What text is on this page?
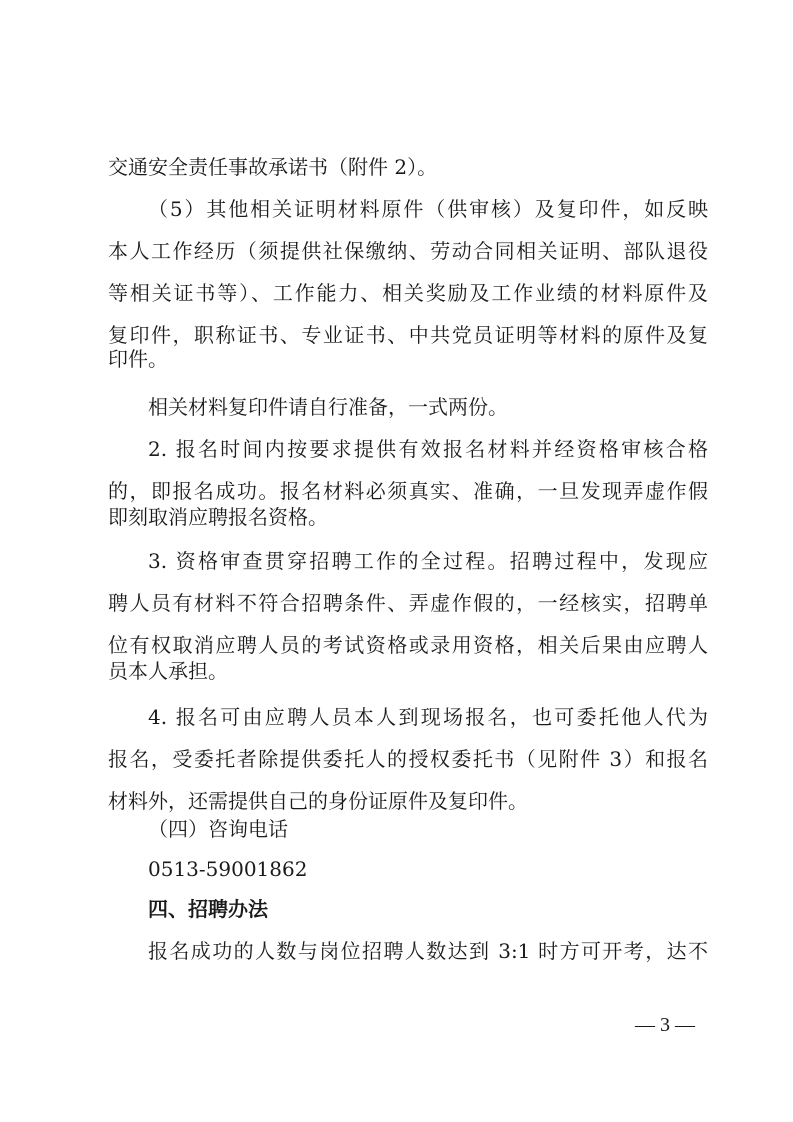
交通安全责任事故承诺书（附件 2）。
（5）其他相关证明材料原件（供审核）及复印件，如反映
本人工作经历（须提供社保缴纳、劳动合同相关证明、部队退役
等相关证书等）、工作能力、相关奖励及工作业绩的材料原件及
复印件，职称证书、专业证书、中共党员证明等材料的原件及复
印件。
相关材料复印件请自行准备，一式两份。
2. 报名时间内按要求提供有效报名材料并经资格审核合格
的，即报名成功。报名材料必须真实、准确，一旦发现弄虚作假
即刻取消应聘报名资格。
3. 资格审查贯穿招聘工作的全过程。招聘过程中，发现应
聘人员有材料不符合招聘条件、弄虚作假的，一经核实，招聘单
位有权取消应聘人员的考试资格或录用资格，相关后果由应聘人
员本人承担。
4. 报名可由应聘人员本人到现场报名，也可委托他人代为
报名，受委托者除提供委托人的授权委托书（见附件 3）和报名
材料外，还需提供自己的身份证原件及复印件。
（四）咨询电话
0513-59001862
四、招聘办法
报名成功的人数与岗位招聘人数达到 3:1 时方可开考，达不
— 3 —
